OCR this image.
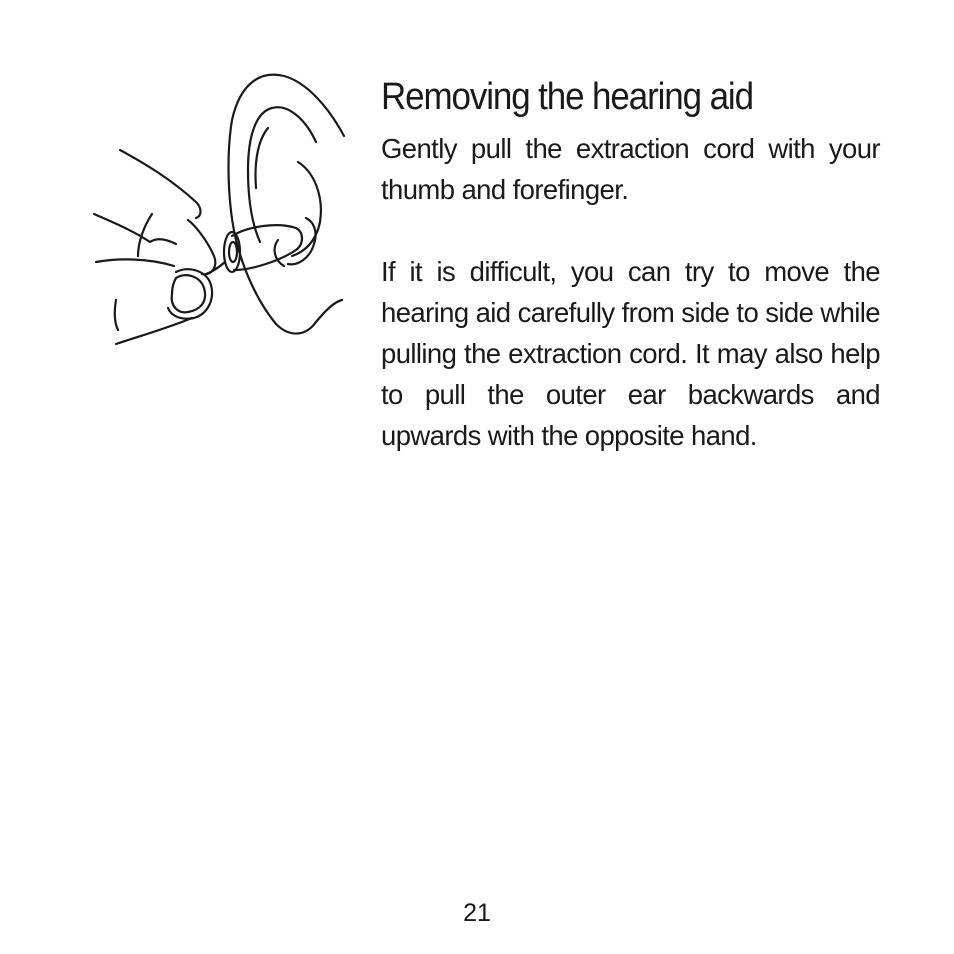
Removing the hearing aid

Gently pull the extraction cord with your thumb and forefinger.

If it is difficult, you can try to move the hearing aid carefully from side to side while pulling the extraction cord. It may also help to pull the outer ear backwards and upwards with the opposite hand.

21
